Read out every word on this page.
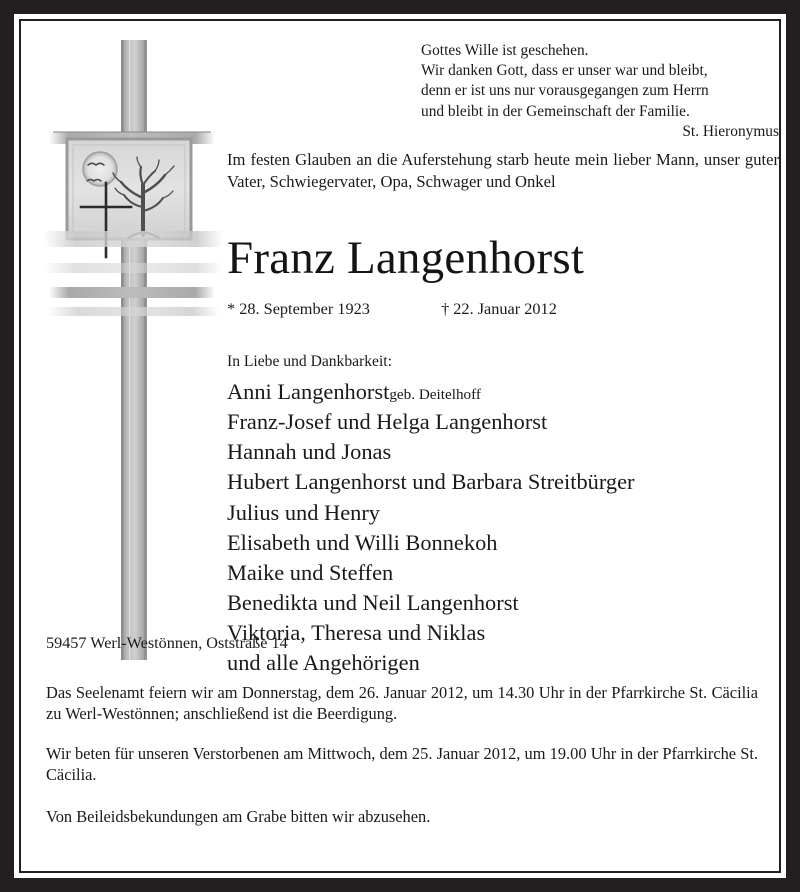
Gottes Wille ist geschehen.
Wir danken Gott, dass er unser war und bleibt,
denn er ist uns nur vorausgegangen zum Herrn
und bleibt in der Gemeinschaft der Familie.
St. Hieronymus
Im festen Glauben an die Auferstehung starb heute mein lieber Mann, unser guter Vater, Schwiegervater, Opa, Schwager und Onkel
Franz Langenhorst
* 28. September 1923	† 22. Januar 2012
In Liebe und Dankbarkeit:
Anni Langenhorstgeb. Deitelhoff
Franz-Josef und Helga Langenhorst
Hannah und Jonas
Hubert Langenhorst und Barbara Streitbürger
Julius und Henry
Elisabeth und Willi Bonnekoh
Maike und Steffen
Benedikta und Neil Langenhorst
Viktoria, Theresa und Niklas
und alle Angehörigen
59457 Werl-Westönnen, Oststraße 14
Das Seelenamt feiern wir am Donnerstag, dem 26. Januar 2012, um 14.30 Uhr in der Pfarrkirche St. Cäcilia zu Werl-Westönnen; anschließend ist die Beerdigung.
Wir beten für unseren Verstorbenen am Mittwoch, dem 25. Januar 2012, um 19.00 Uhr in der Pfarrkirche St. Cäcilia.
Von Beileidsbekundungen am Grabe bitten wir abzusehen.
